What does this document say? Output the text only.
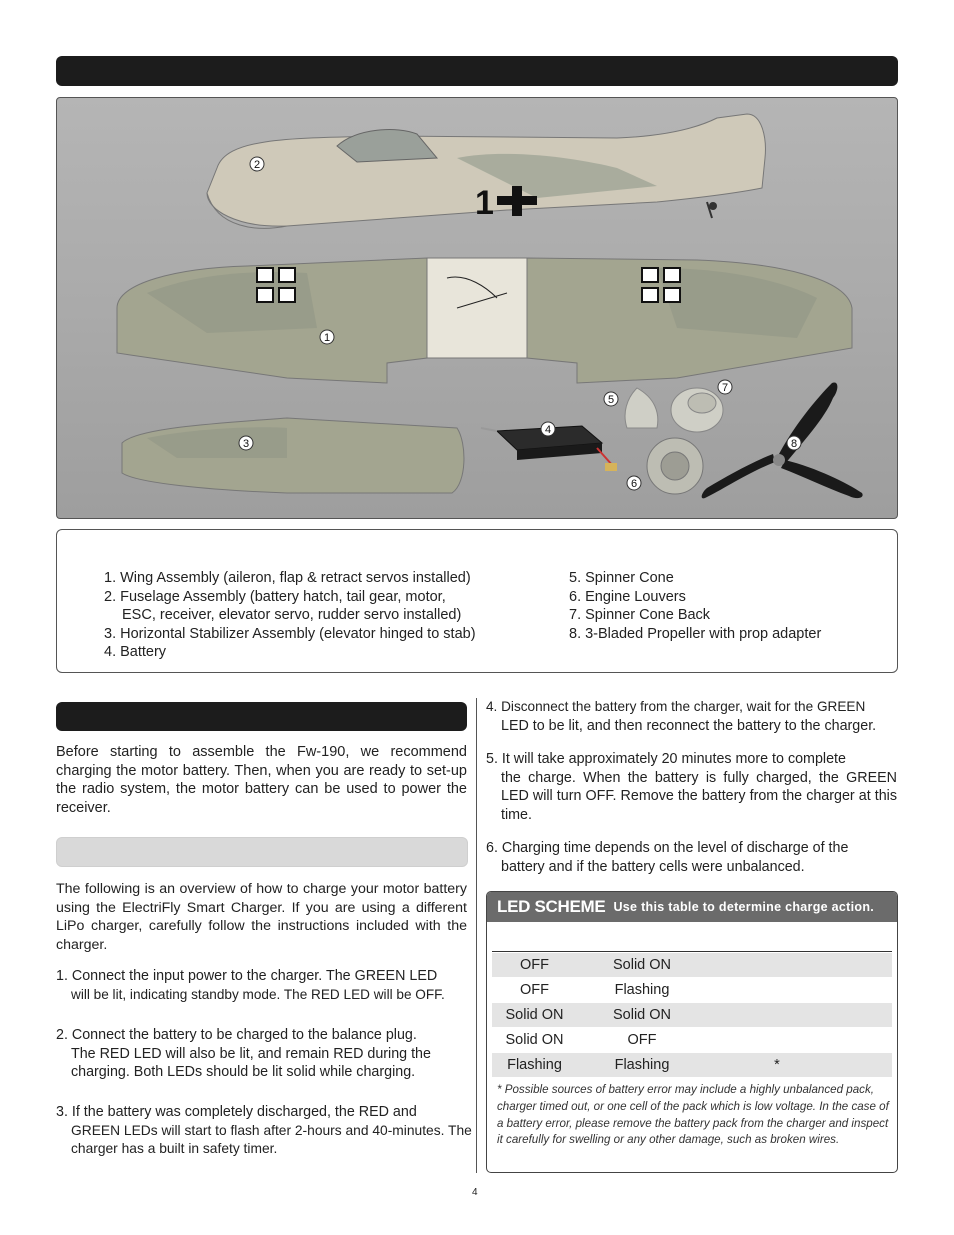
1
1
2
3
4
5
6
7
8
1. Wing Assembly (aileron, flap & retract servos installed)
2. Fuselage Assembly (battery hatch, tail gear, motor,
ESC, receiver, elevator servo, rudder servo installed)
3. Horizontal Stabilizer Assembly (elevator hinged to stab)
4. Battery
5. Spinner Cone
6. Engine Louvers
7. Spinner Cone Back
8. 3-Bladed Propeller with prop adapter

Before starting to assemble the Fw-190, we recommend charging the motor battery. Then, when you are ready to set-up the radio system, the motor battery can be used to power the receiver.

The following is an overview of how to charge your motor battery using the ElectriFly Smart Charger. If you are using a different LiPo charger, carefully follow the instructions included with the charger.

1. Connect the input power to the charger. The GREEN LED
will be lit, indicating standby mode. The RED LED will be OFF.
2. Connect the battery to be charged to the balance plug.
The RED LED will also be lit, and remain RED during the charging. Both LEDs should be lit solid while charging.
3. If the battery was completely discharged, the RED and
GREEN LEDs will start to flash after 2-hours and 40-minutes. The charger has a built in safety timer.
4. Disconnect the battery from the charger, wait for the GREEN
LED to be lit, and then reconnect the battery to the charger.
5. It will take approximately 20 minutes more to complete
the charge. When the battery is fully charged, the GREEN LED will turn OFF. Remove the battery from the charger at this time.
6. Charging time depends on the level of discharge of the
battery and if the battery cells were unbalanced.
LED SCHEME Use this table to determine charge action.
OFF	Solid ON
OFF	Flashing
Solid ON	Solid ON
Solid ON	OFF
Flashing	Flashing	*
* Possible sources of battery error may include a highly unbalanced pack, charger timed out, or one cell of the pack which is low voltage. In the case of a battery error, please remove the battery pack from the charger and inspect it carefully for swelling or any other damage, such as broken wires.
4
